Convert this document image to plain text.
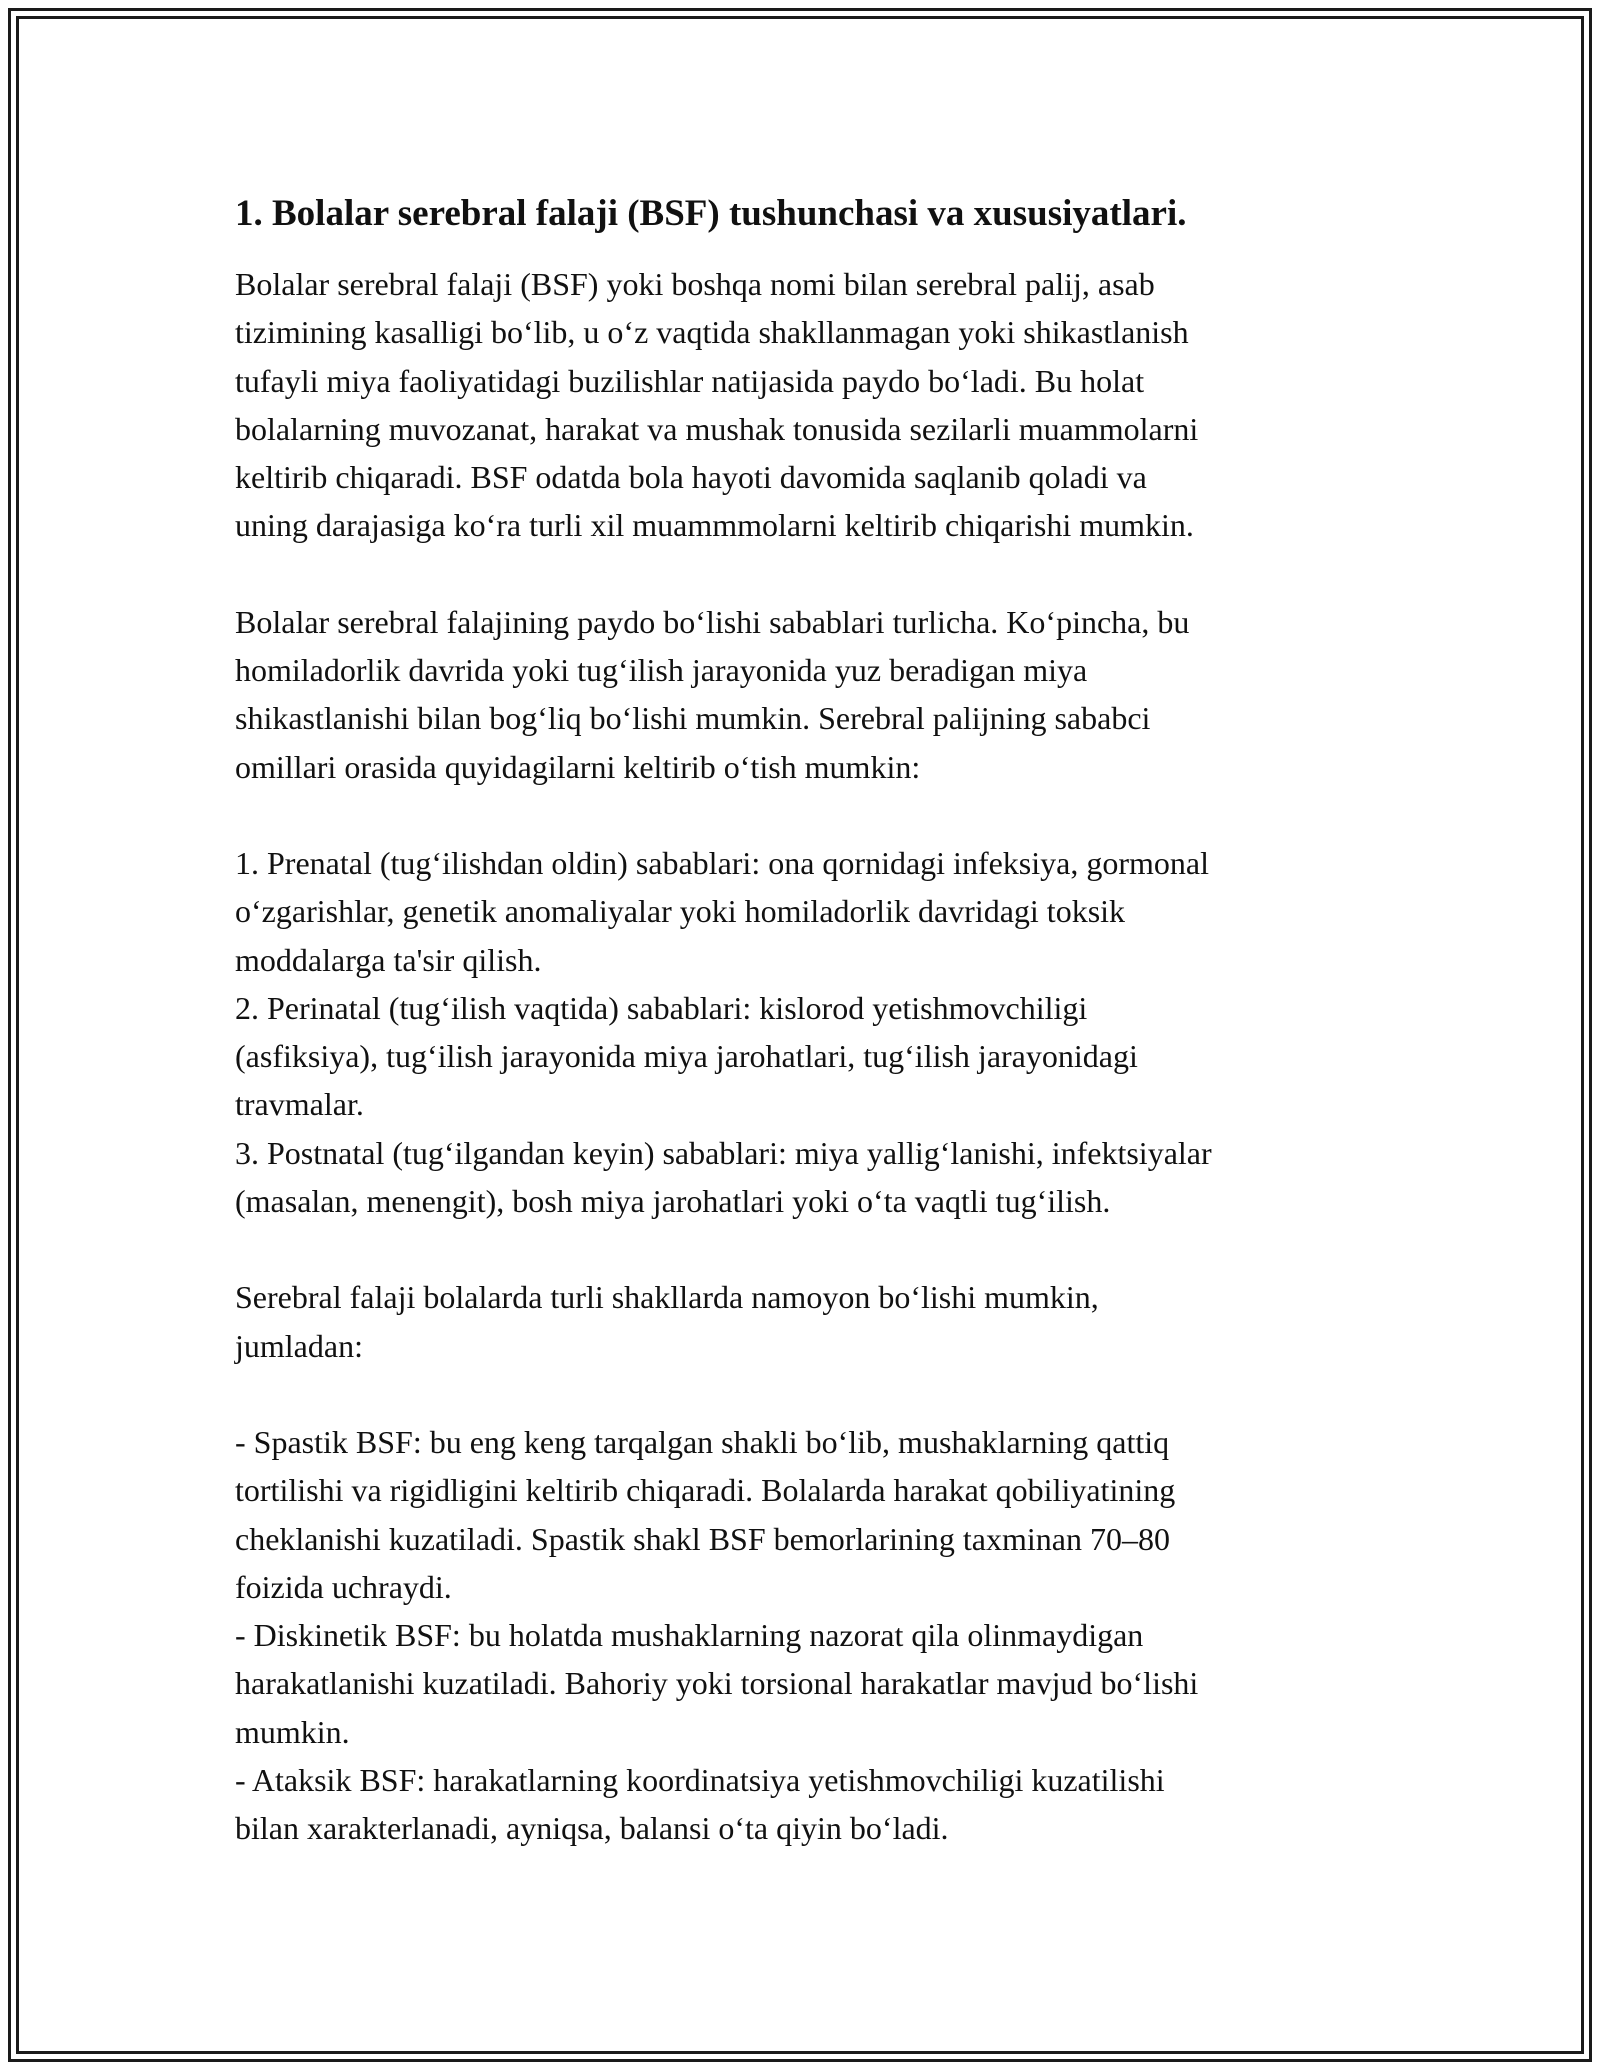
1. Bolalar serebral falaji (BSF) tushunchasi va xususiyatlari.

Bolalar serebral falaji (BSF) yoki boshqa nomi bilan serebral palij, asab
tizimining kasalligi bo‘lib, u o‘z vaqtida shakllanmagan yoki shikastlanish
tufayli miya faoliyatidagi buzilishlar natijasida paydo bo‘ladi. Bu holat
bolalarning muvozanat, harakat va mushak tonusida sezilarli muammolarni
keltirib chiqaradi. BSF odatda bola hayoti davomida saqlanib qoladi va
uning darajasiga ko‘ra turli xil muammmolarni keltirib chiqarishi mumkin.

Bolalar serebral falajining paydo bo‘lishi sabablari turlicha. Ko‘pincha, bu
homiladorlik davrida yoki tug‘ilish jarayonida yuz beradigan miya
shikastlanishi bilan bog‘liq bo‘lishi mumkin. Serebral palijning sababci
omillari orasida quyidagilarni keltirib o‘tish mumkin:

1. Prenatal (tug‘ilishdan oldin) sabablari: ona qornidagi infeksiya, gormonal
o‘zgarishlar, genetik anomaliyalar yoki homiladorlik davridagi toksik
moddalarga ta'sir qilish.
2. Perinatal (tug‘ilish vaqtida) sabablari: kislorod yetishmovchiligi
(asfiksiya), tug‘ilish jarayonida miya jarohatlari, tug‘ilish jarayonidagi
travmalar.
3. Postnatal (tug‘ilgandan keyin) sabablari: miya yallig‘lanishi, infektsiyalar
(masalan, menengit), bosh miya jarohatlari yoki o‘ta vaqtli tug‘ilish.

Serebral falaji bolalarda turli shakllarda namoyon bo‘lishi mumkin,
jumladan:

- Spastik BSF: bu eng keng tarqalgan shakli bo‘lib, mushaklarning qattiq
tortilishi va rigidligini keltirib chiqaradi. Bolalarda harakat qobiliyatining
cheklanishi kuzatiladi. Spastik shakl BSF bemorlarining taxminan 70–80
foizida uchraydi.
- Diskinetik BSF: bu holatda mushaklarning nazorat qila olinmaydigan
harakatlanishi kuzatiladi. Bahoriy yoki torsional harakatlar mavjud bo‘lishi
mumkin.
- Ataksik BSF: harakatlarning koordinatsiya yetishmovchiligi kuzatilishi
bilan xarakterlanadi, ayniqsa, balansi o‘ta qiyin bo‘ladi.
